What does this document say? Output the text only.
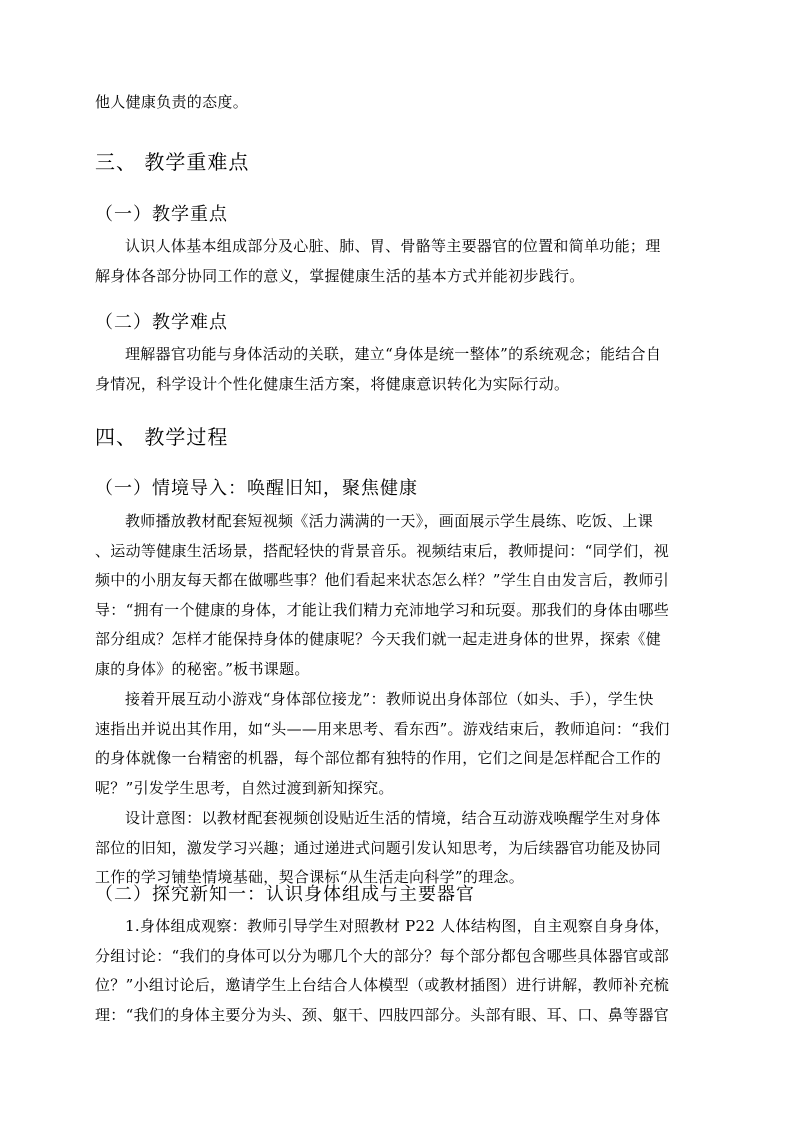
他人健康负责的态度。
三、 教学重难点
（一）教学重点
认识人体基本组成部分及心脏、肺、胃、骨骼等主要器官的位置和简单功能；理
解身体各部分协同工作的意义，掌握健康生活的基本方式并能初步践行。
（二）教学难点
理解器官功能与身体活动的关联，建立“身体是统一整体”的系统观念；能结合自
身情况，科学设计个性化健康生活方案，将健康意识转化为实际行动。
四、 教学过程
（一）情境导入：唤醒旧知，聚焦健康
教师播放教材配套短视频《活力满满的一天》，画面展示学生晨练、吃饭、上课
、运动等健康生活场景，搭配轻快的背景音乐。视频结束后，教师提问：“同学们，视
频中的小朋友每天都在做哪些事？他们看起来状态怎么样？”学生自由发言后，教师引
导：“拥有一个健康的身体，才能让我们精力充沛地学习和玩耍。那我们的身体由哪些
部分组成？怎样才能保持身体的健康呢？今天我们就一起走进身体的世界，探索《健
康的身体》的秘密。”板书课题。
接着开展互动小游戏“身体部位接龙”：教师说出身体部位（如头、手），学生快
速指出并说出其作用，如“头——用来思考、看东西”。游戏结束后，教师追问：“我们
的身体就像一台精密的机器，每个部位都有独特的作用，它们之间是怎样配合工作的
呢？”引发学生思考，自然过渡到新知探究。
设计意图：以教材配套视频创设贴近生活的情境，结合互动游戏唤醒学生对身体
部位的旧知，激发学习兴趣；通过递进式问题引发认知思考，为后续器官功能及协同
工作的学习铺垫情境基础，契合课标“从生活走向科学”的理念。
（二）探究新知一：认识身体组成与主要器官
1.身体组成观察：教师引导学生对照教材 P22 人体结构图，自主观察自身身体，
分组讨论：“我们的身体可以分为哪几个大的部分？每个部分都包含哪些具体器官或部
位？”小组讨论后，邀请学生上台结合人体模型（或教材插图）进行讲解，教师补充梳
理：“我们的身体主要分为头、颈、躯干、四肢四部分。头部有眼、耳、口、鼻等器官
